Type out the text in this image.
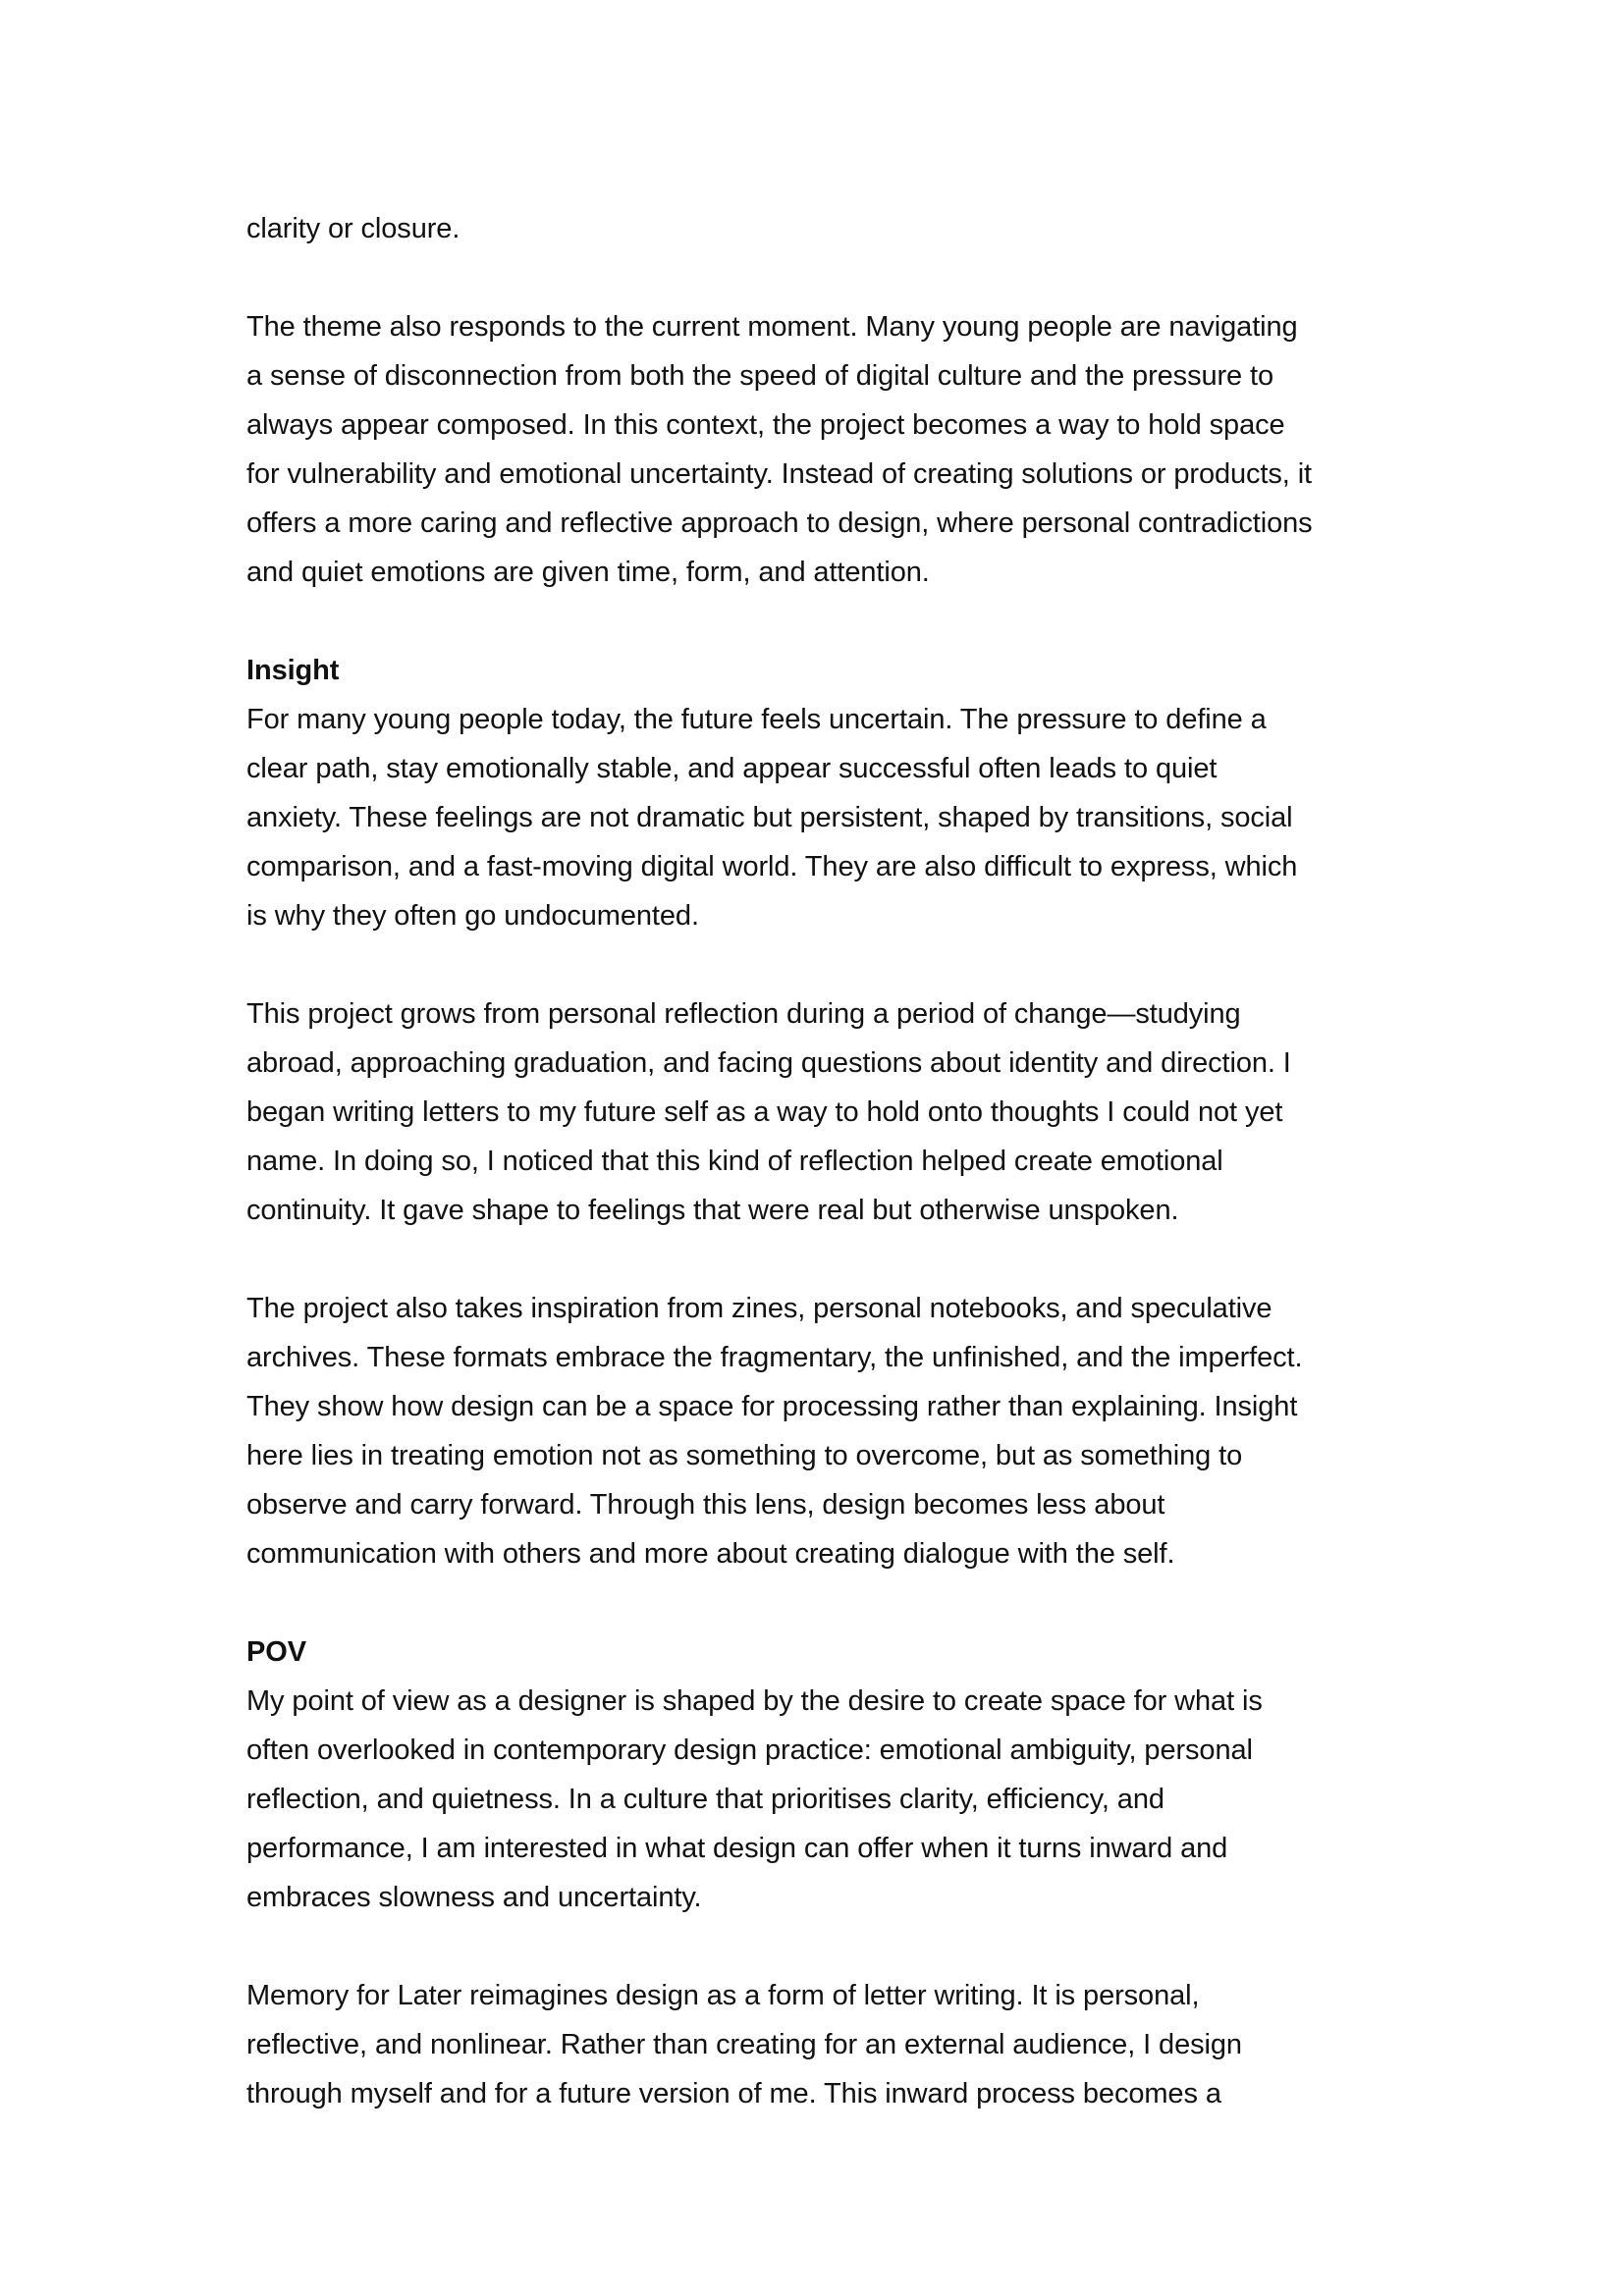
clarity or closure.
The theme also responds to the current moment. Many young people are navigating
a sense of disconnection from both the speed of digital culture and the pressure to
always appear composed. In this context, the project becomes a way to hold space
for vulnerability and emotional uncertainty. Instead of creating solutions or products, it
offers a more caring and reflective approach to design, where personal contradictions
and quiet emotions are given time, form, and attention.
Insight
For many young people today, the future feels uncertain. The pressure to define a
clear path, stay emotionally stable, and appear successful often leads to quiet
anxiety. These feelings are not dramatic but persistent, shaped by transitions, social
comparison, and a fast-moving digital world. They are also difficult to express, which
is why they often go undocumented.
This project grows from personal reflection during a period of change—studying
abroad, approaching graduation, and facing questions about identity and direction. I
began writing letters to my future self as a way to hold onto thoughts I could not yet
name. In doing so, I noticed that this kind of reflection helped create emotional
continuity. It gave shape to feelings that were real but otherwise unspoken.
The project also takes inspiration from zines, personal notebooks, and speculative
archives. These formats embrace the fragmentary, the unfinished, and the imperfect.
They show how design can be a space for processing rather than explaining. Insight
here lies in treating emotion not as something to overcome, but as something to
observe and carry forward. Through this lens, design becomes less about
communication with others and more about creating dialogue with the self.
POV
My point of view as a designer is shaped by the desire to create space for what is
often overlooked in contemporary design practice: emotional ambiguity, personal
reflection, and quietness. In a culture that prioritises clarity, efficiency, and
performance, I am interested in what design can offer when it turns inward and
embraces slowness and uncertainty.
Memory for Later reimagines design as a form of letter writing. It is personal,
reflective, and nonlinear. Rather than creating for an external audience, I design
through myself and for a future version of me. This inward process becomes a
